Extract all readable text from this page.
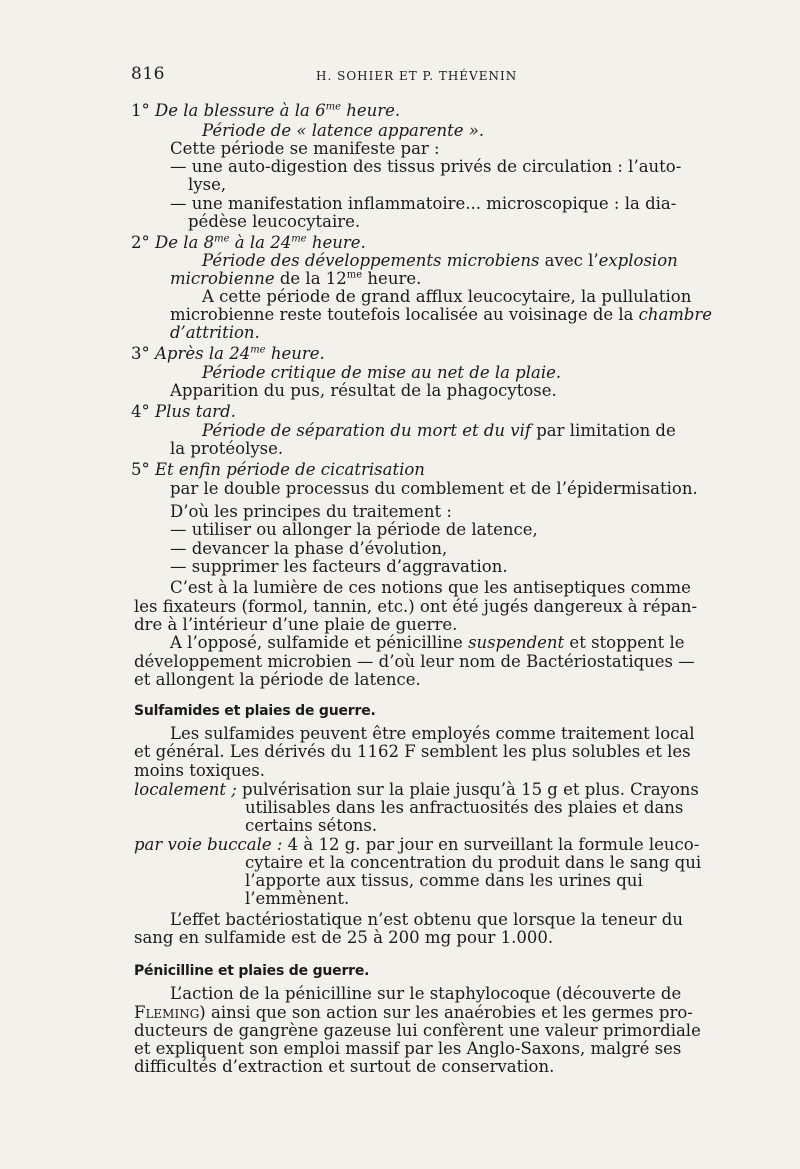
816	H. SOHIER ET P. THÉVENIN
1° De la blessure à la $6^{me}$ heure.
Période de « latence apparente ».
Cette période se manifeste par :
— une auto-digestion des tissus privés de circulation : l’auto-
lyse,
— une manifestation inflammatoire... microscopique : la dia-
pédèse leucocytaire.
2° De la $8^{me}$ à la $24^{me}$ heure.
Période des développements microbiens avec l’explosion
microbienne de la $12^{me}$ heure.
A cette période de grand afflux leucocytaire, la pullulation
microbienne reste toutefois localisée au voisinage de la chambre
d’attrition.
3° Après la $24^{me}$ heure.
Période critique de mise au net de la plaie.
Apparition du pus, résultat de la phagocytose.
4° Plus tard.
Période de séparation du mort et du vif par limitation de
la protéolyse.
5° Et enfin période de cicatrisation
par le double processus du comblement et de l’épidermisation.
D’où les principes du traitement :
— utiliser ou allonger la période de latence,
— devancer la phase d’évolution,
— supprimer les facteurs d’aggravation.
C’est à la lumière de ces notions que les antiseptiques comme
les fixateurs (formol, tannin, etc.) ont été jugés dangereux à répan-
dre à l’intérieur d’une plaie de guerre.
A l’opposé, sulfamide et pénicilline suspendent et stoppent le
développement microbien — d’où leur nom de Bactériostatiques —
et allongent la période de latence.
Sulfamides et plaies de guerre.
Les sulfamides peuvent être employés comme traitement local
et général. Les dérivés du 1162 F semblent les plus solubles et les
moins toxiques.
localement ; pulvérisation sur la plaie jusqu’à 15 g et plus. Crayons
utilisables dans les anfractuosités des plaies et dans
certains sétons.
par voie buccale : 4 à 12 g. par jour en surveillant la formule leuco-
cytaire et la concentration du produit dans le sang qui
l’apporte aux tissus, comme dans les urines qui
l’emmènent.
L’effet bactériostatique n’est obtenu que lorsque la teneur du
sang en sulfamide est de 25 à 200 mg pour 1.000.
Pénicilline et plaies de guerre.
L’action de la pénicilline sur le staphylocoque (découverte de
Fleming) ainsi que son action sur les anaérobies et les germes pro-
ducteurs de gangrène gazeuse lui confèrent une valeur primordiale
et expliquent son emploi massif par les Anglo-Saxons, malgré ses
difficultés d’extraction et surtout de conservation.
